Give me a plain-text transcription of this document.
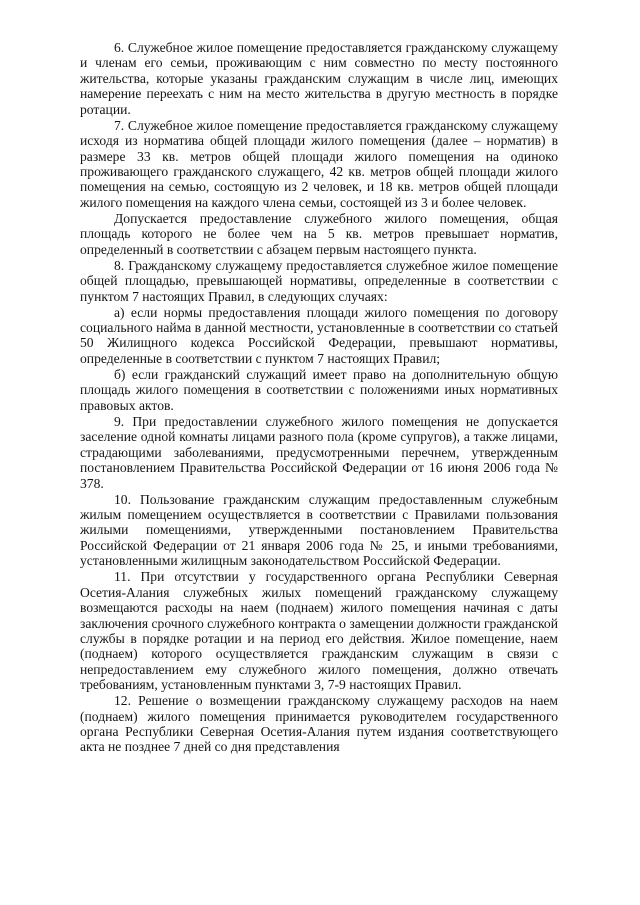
6. Служебное жилое помещение предоставляется гражданскому служащему и членам его семьи, проживающим с ним совместно по месту постоянного жительства, которые указаны гражданским служащим в числе лиц, имеющих намерение переехать с ним на место жительства в другую местность в порядке ротации.

7. Служебное жилое помещение предоставляется гражданскому служащему исходя из норматива общей площади жилого помещения (далее – норматив) в размере 33 кв. метров общей площади жилого помещения на одиноко проживающего гражданского служащего, 42 кв. метров общей площади жилого помещения на семью, состоящую из 2 человек, и 18 кв. метров общей площади жилого помещения на каждого члена семьи, состоящей из 3 и более человек.

Допускается предоставление служебного жилого помещения, общая площадь которого не более чем на 5 кв. метров превышает норматив, определенный в соответствии с абзацем первым настоящего пункта.

8. Гражданскому служащему предоставляется служебное жилое помещение общей площадью, превышающей нормативы, определенные в соответствии с пунктом 7 настоящих Правил, в следующих случаях:

а) если нормы предоставления площади жилого помещения по договору социального найма в данной местности, установленные в соответствии со статьей 50 Жилищного кодекса Российской Федерации, превышают нормативы, определенные в соответствии с пунктом 7 настоящих Правил;

б) если гражданский служащий имеет право на дополнительную общую площадь жилого помещения в соответствии с положениями иных нормативных правовых актов.

9. При предоставлении служебного жилого помещения не допускается заселение одной комнаты лицами разного пола (кроме супругов), а также лицами, страдающими заболеваниями, предусмотренными перечнем, утвержденным постановлением Правительства Российской Федерации от 16 июня 2006 года № 378.

10. Пользование гражданским служащим предоставленным служебным жилым помещением осуществляется в соответствии с Правилами пользования жилыми помещениями, утвержденными постановлением Правительства Российской Федерации от 21 января 2006 года № 25, и иными требованиями, установленными жилищным законодательством Российской Федерации.

11. При отсутствии у государственного органа Республики Северная Осетия-Алания служебных жилых помещений гражданскому служащему возмещаются расходы на наем (поднаем) жилого помещения начиная с даты заключения срочного служебного контракта о замещении должности гражданской службы в порядке ротации и на период его действия. Жилое помещение, наем (поднаем) которого осуществляется гражданским служащим в связи с непредоставлением ему служебного жилого помещения, должно отвечать требованиям, установленным пунктами 3, 7-9 настоящих Правил.

12. Решение о возмещении гражданскому служащему расходов на наем (поднаем) жилого помещения принимается руководителем государственного органа Республики Северная Осетия-Алания путем издания соответствующего акта не позднее 7 дней со дня представления
